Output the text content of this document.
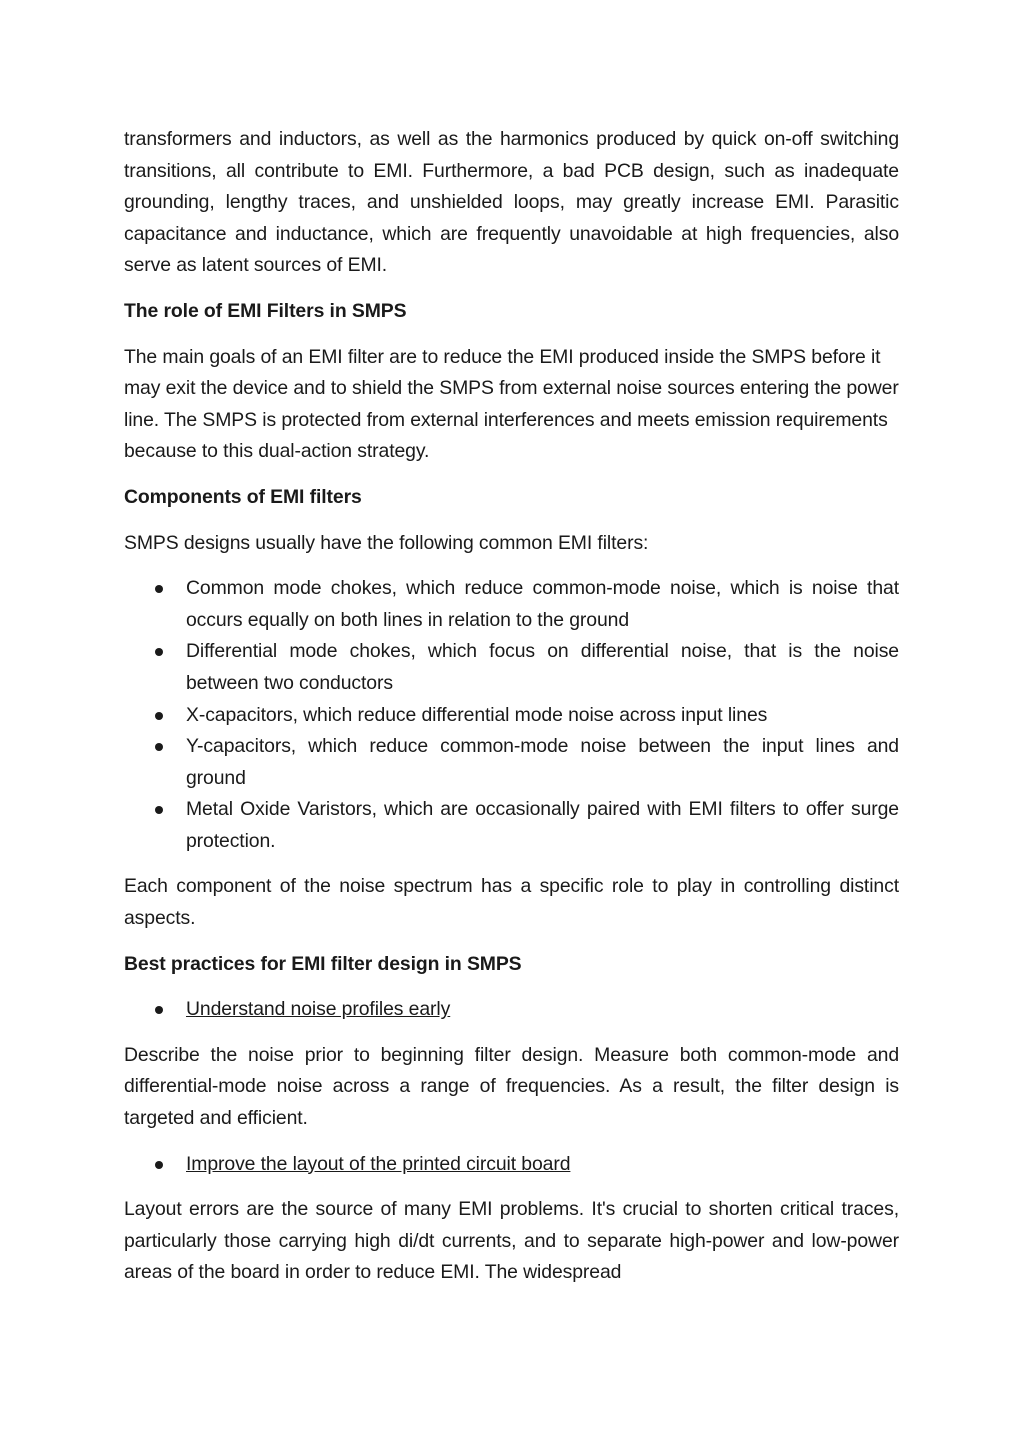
transformers and inductors, as well as the harmonics produced by quick on-off switching transitions, all contribute to EMI. Furthermore, a bad PCB design, such as inadequate grounding, lengthy traces, and unshielded loops, may greatly increase EMI. Parasitic capacitance and inductance, which are frequently unavoidable at high frequencies, also serve as latent sources of EMI.

The role of EMI Filters in SMPS

The main goals of an EMI filter are to reduce the EMI produced inside the SMPS before it may exit the device and to shield the SMPS from external noise sources entering the power line. The SMPS is protected from external interferences and meets emission requirements because to this dual-action strategy.

Components of EMI filters

SMPS designs usually have the following common EMI filters:

Common mode chokes, which reduce common-mode noise, which is noise that occurs equally on both lines in relation to the ground
Differential mode chokes, which focus on differential noise, that is the noise between two conductors
X-capacitors, which reduce differential mode noise across input lines
Y-capacitors, which reduce common-mode noise between the input lines and ground
Metal Oxide Varistors, which are occasionally paired with EMI filters to offer surge protection.

Each component of the noise spectrum has a specific role to play in controlling distinct aspects.

Best practices for EMI filter design in SMPS

Understand noise profiles early

Describe the noise prior to beginning filter design. Measure both common-mode and differential-mode noise across a range of frequencies. As a result, the filter design is targeted and efficient.

Improve the layout of the printed circuit board

Layout errors are the source of many EMI problems. It's crucial to shorten critical traces, particularly those carrying high di/dt currents, and to separate high-power and low-power areas of the board in order to reduce EMI. The widespread
